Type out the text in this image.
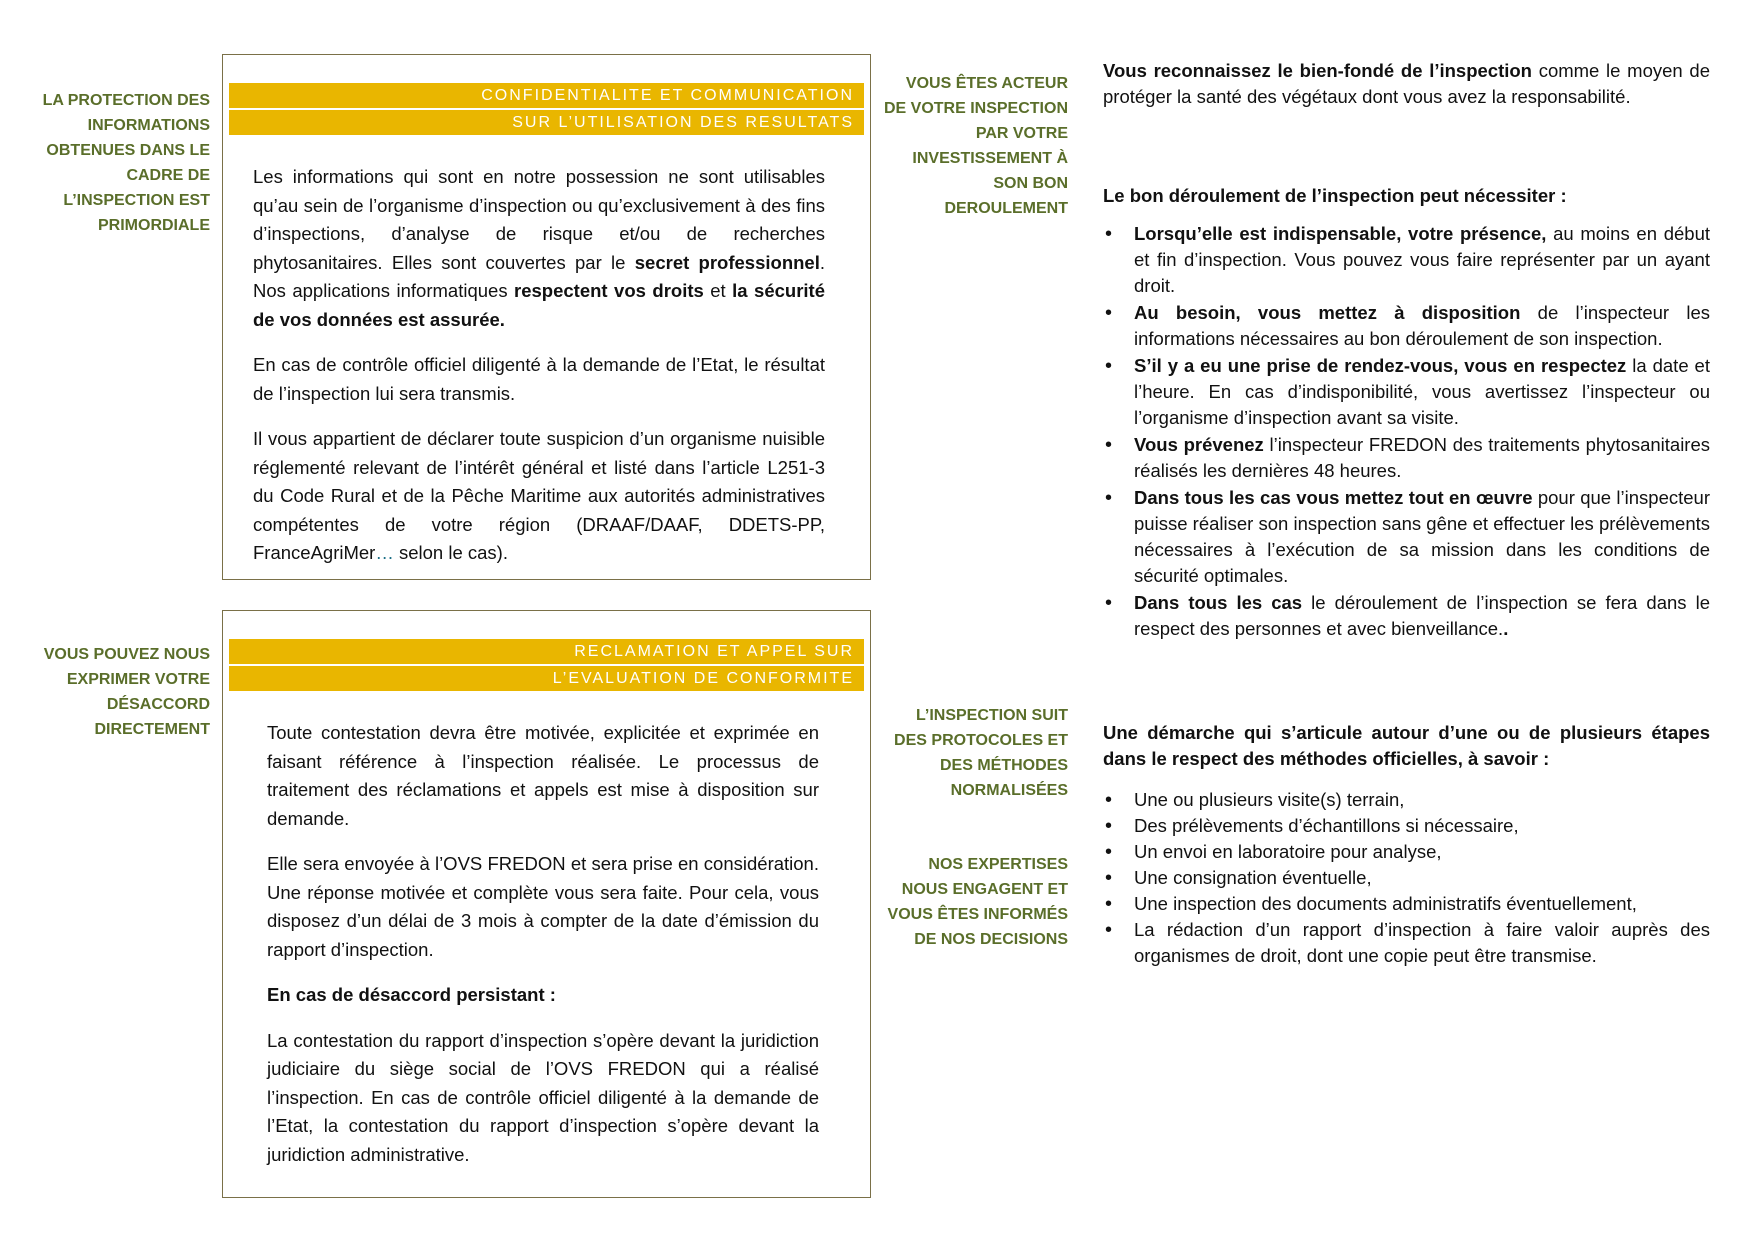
LA PROTECTION DES INFORMATIONS OBTENUES DANS LE CADRE DE L’INSPECTION EST PRIMORDIALE
CONFIDENTIALITE ET COMMUNICATION
SUR L’UTILISATION DES RESULTATS

Les informations qui sont en notre possession ne sont utilisables qu’au sein de l’organisme d’inspection ou qu’exclusivement à des fins d’inspections, d’analyse de risque et/ou de recherches phytosanitaires. Elles sont couvertes par le secret professionnel. Nos applications informatiques respectent vos droits et la sécurité de vos données est assurée.

En cas de contrôle officiel diligenté à la demande de l’Etat, le résultat de l’inspection lui sera transmis.

Il vous appartient de déclarer toute suspicion d’un organisme nuisible réglementé relevant de l’intérêt général et listé dans l’article L251-3 du Code Rural et de la Pêche Maritime aux autorités administratives compétentes de votre région (DRAAF/DAAF, DDETS-PP, FranceAgriMer… selon le cas).

VOUS POUVEZ NOUS EXPRIMER VOTRE DÉSACCORD DIRECTEMENT
RECLAMATION ET APPEL SUR
L’EVALUATION DE CONFORMITE

Toute contestation devra être motivée, explicitée et exprimée en faisant référence à l’inspection réalisée. Le processus de traitement des réclamations et appels est mise à disposition sur demande.

Elle sera envoyée à l’OVS FREDON et sera prise en considération. Une réponse motivée et complète vous sera faite. Pour cela, vous disposez d’un délai de 3 mois à compter de la date d’émission du rapport d’inspection.

En cas de désaccord persistant :

La contestation du rapport d’inspection s’opère devant la juridiction judiciaire du siège social de l’OVS FREDON qui a réalisé l’inspection. En cas de contrôle officiel diligenté à la demande de l’Etat, la contestation du rapport d’inspection s’opère devant la juridiction administrative.

VOUS ÊTES ACTEUR DE VOTRE INSPECTION PAR VOTRE INVESTISSEMENT À SON BON DEROULEMENT
Vous reconnaissez le bien-fondé de l’inspection comme le moyen de protéger la santé des végétaux dont vous avez la responsabilité.
Le bon déroulement de l’inspection peut nécessiter :
• Lorsqu’elle est indispensable, votre présence, au moins en début et fin d’inspection. Vous pouvez vous faire représenter par un ayant droit.
• Au besoin, vous mettez à disposition de l’inspecteur les informations nécessaires au bon déroulement de son inspection.
• S’il y a eu une prise de rendez-vous, vous en respectez la date et l’heure. En cas d’indisponibilité, vous avertissez l’inspecteur ou l’organisme d’inspection avant sa visite.
• Vous prévenez l’inspecteur FREDON des traitements phytosanitaires réalisés les dernières 48 heures.
• Dans tous les cas vous mettez tout en œuvre pour que l’inspecteur puisse réaliser son inspection sans gêne et effectuer les prélèvements nécessaires à l’exécution de sa mission dans les conditions de sécurité optimales.
• Dans tous les cas le déroulement de l’inspection se fera dans le respect des personnes et avec bienveillance..
L’INSPECTION SUIT DES PROTOCOLES ET DES MÉTHODES NORMALISÉES
NOS EXPERTISES NOUS ENGAGENT ET VOUS ÊTES INFORMÉS DE NOS DECISIONS
Une démarche qui s’articule autour d’une ou de plusieurs étapes dans le respect des méthodes officielles, à savoir :
• Une ou plusieurs visite(s) terrain,
• Des prélèvements d’échantillons si nécessaire,
• Un envoi en laboratoire pour analyse,
• Une consignation éventuelle,
• Une inspection des documents administratifs éventuellement,
• La rédaction d’un rapport d’inspection à faire valoir auprès des organismes de droit, dont une copie peut être transmise.
